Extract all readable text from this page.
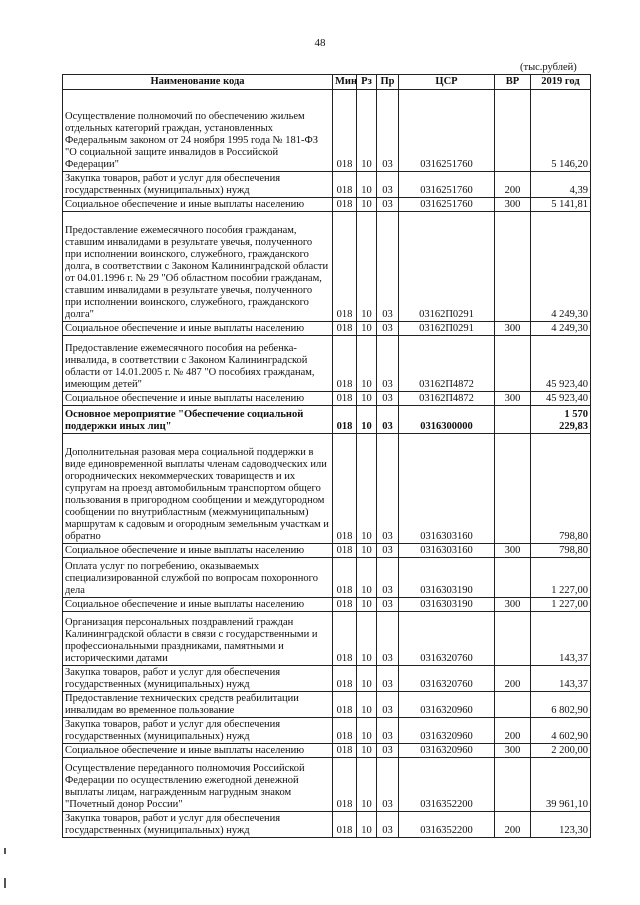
48
(тыс.рублей)
Наименование кода	Мин	Рз	Пр	ЦСР	ВР	2019 год
Осуществление полномочий по обеспечению жильем отдельных категорий граждан, установленных Федеральным законом от 24 ноября 1995 года № 181-ФЗ "О социальной защите инвалидов в Российской Федерации"	018	10	03	0316251760		5 146,20
Закупка товаров, работ и услуг для обеспечения государственных (муниципальных) нужд	018	10	03	0316251760	200	4,39
Социальное обеспечение и иные выплаты населению	018	10	03	0316251760	300	5 141,81
Предоставление ежемесячного пособия гражданам, ставшим инвалидами в результате увечья, полученного при исполнении воинского, служебного, гражданского долга, в соответствии с Законом Калининградской области от 04.01.1996 г. № 29 "Об областном пособии гражданам, ставшим инвалидами в результате увечья, полученного при исполнении воинского, служебного, гражданского долга"	018	10	03	03162П0291		4 249,30
Социальное обеспечение и иные выплаты населению	018	10	03	03162П0291	300	4 249,30
Предоставление ежемесячного пособия на ребенка-инвалида, в соответствии с Законом Калининградской области от 14.01.2005 г. № 487 "О пособиях гражданам, имеющим детей"	018	10	03	03162П4872		45 923,40
Социальное обеспечение и иные выплаты населению	018	10	03	03162П4872	300	45 923,40
Основное мероприятие "Обеспечение социальной поддержки иных лиц"	018	10	03	0316300000		1 570 229,83
Дополнительная разовая мера социальной поддержки в виде единовременной выплаты членам садоводческих или огороднических некоммерческих товариществ и их супругам на проезд автомобильным транспортом общего пользования в пригородном сообщении и междугородном сообщении по внутрибластным (межмуниципальным) маршрутам к садовым и огородным земельным участкам и обратно	018	10	03	0316303160		798,80
Социальное обеспечение и иные выплаты населению	018	10	03	0316303160	300	798,80
Оплата услуг по погребению, оказываемых специализированной службой по вопросам похоронного дела	018	10	03	0316303190		1 227,00
Социальное обеспечение и иные выплаты населению	018	10	03	0316303190	300	1 227,00
Организация персональных поздравлений граждан Калининградской области в связи с государственными и профессиональными праздниками, памятными и историческими датами	018	10	03	0316320760		143,37
Закупка товаров, работ и услуг для обеспечения государственных (муниципальных) нужд	018	10	03	0316320760	200	143,37
Предоставление технических средств реабилитации инвалидам во временное пользование	018	10	03	0316320960		6 802,90
Закупка товаров, работ и услуг для обеспечения государственных (муниципальных) нужд	018	10	03	0316320960	200	4 602,90
Социальное обеспечение и иные выплаты населению	018	10	03	0316320960	300	2 200,00
Осуществление переданного полномочия Российской Федерации по осуществлению ежегодной денежной выплаты лицам, награжденным нагрудным знаком "Почетный донор России"	018	10	03	0316352200		39 961,10
Закупка товаров, работ и услуг для обеспечения государственных (муниципальных) нужд	018	10	03	0316352200	200	123,30
